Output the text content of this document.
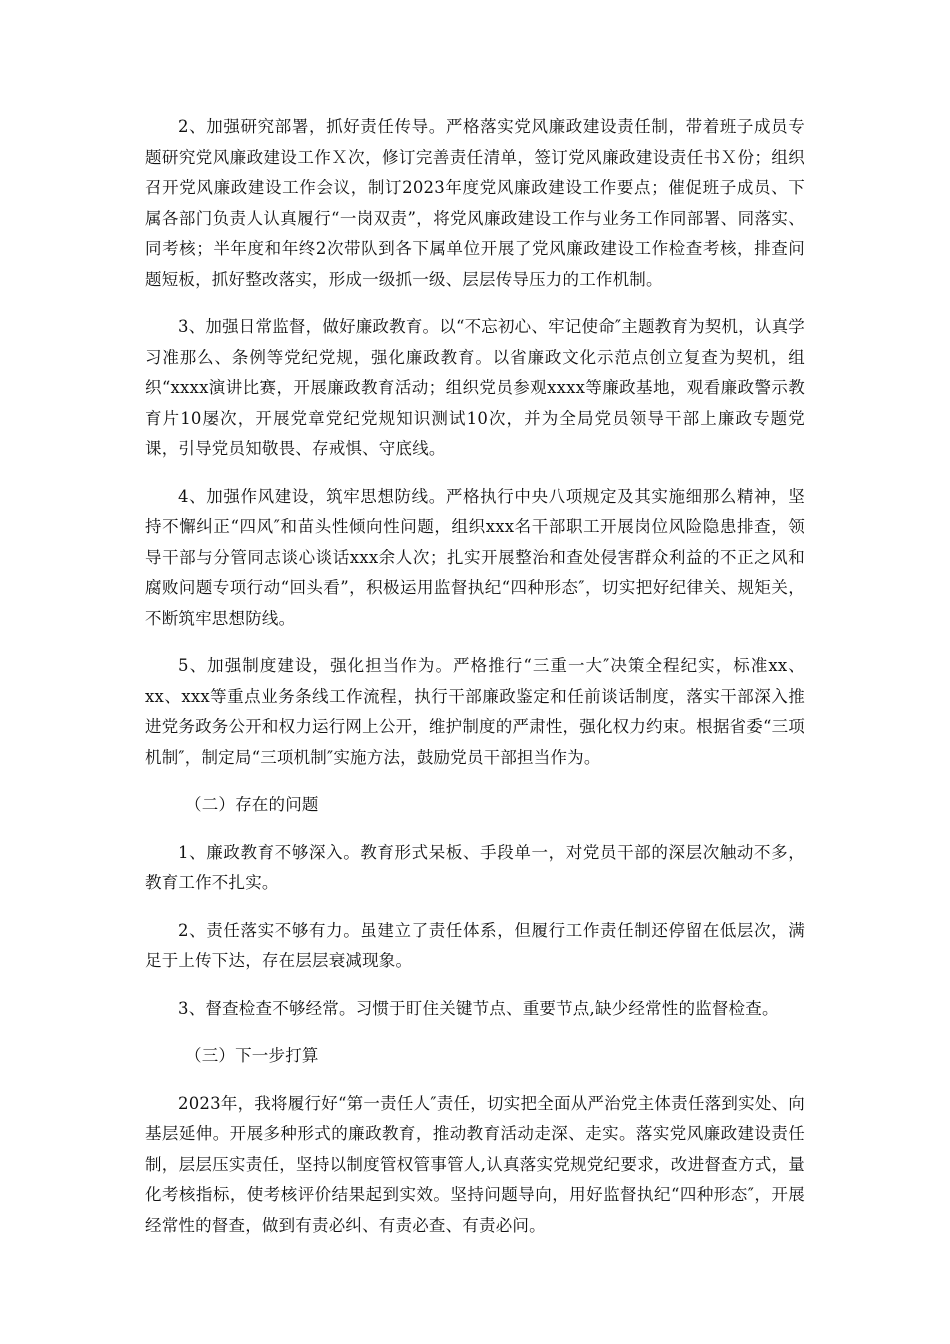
2、加强研究部署，抓好责任传导。严格落实党风廉政建设责任制，带着班子成员专题研究党风廉政建设工作Ｘ次，修订完善责任清单，签订党风廉政建设责任书Ｘ份；组织召开党风廉政建设工作会议，制订2023年度党风廉政建设工作要点；催促班子成员、下属各部门负责人认真履行“一岗双责”，将党风廉政建设工作与业务工作同部署、同落实、同考核；半年度和年终2次带队到各下属单位开展了党风廉政建设工作检查考核，排查问题短板，抓好整改落实，形成一级抓一级、层层传导压力的工作机制。

3、加强日常监督，做好廉政教育。以“不忘初心、牢记使命″主题教育为契机，认真学习准那么、条例等党纪党规，强化廉政教育。以省廉政文化示范点创立复查为契机，组织“xxxx演讲比赛，开展廉政教育活动；组织党员参观xxxx等廉政基地，观看廉政警示教育片10屡次，开展党章党纪党规知识测试10次，并为全局党员领导干部上廉政专题党课，引导党员知敬畏、存戒惧、守底线。

4、加强作风建设，筑牢思想防线。严格执行中央八项规定及其实施细那么精神，坚持不懈纠正“四风″和苗头性倾向性问题，组织xxx名干部职工开展岗位风险隐患排查，领导干部与分管同志谈心谈话xxx余人次；扎实开展整治和查处侵害群众利益的不正之风和腐败问题专项行动“回头看”，积极运用监督执纪“四种形态″，切实把好纪律关、规矩关，不断筑牢思想防线。

5、加强制度建设，强化担当作为。严格推行“三重一大″决策全程纪实，标准xx、xx、xxx等重点业务条线工作流程，执行干部廉政鉴定和任前谈话制度，落实干部深入推进党务政务公开和权力运行网上公开，维护制度的严肃性，强化权力约束。根据省委“三项机制″，制定局“三项机制″实施方法，鼓励党员干部担当作为。

（二）存在的问题

1、廉政教育不够深入。教育形式呆板、手段单一，对党员干部的深层次触动不多，教育工作不扎实。

2、责任落实不够有力。虽建立了责任体系，但履行工作责任制还停留在低层次，满足于上传下达，存在层层衰减现象。

3、督查检查不够经常。习惯于盯住关键节点、重要节点,缺少经常性的监督检查。

（三）下一步打算

2023年，我将履行好“第一责任人″责任，切实把全面从严治党主体责任落到实处、向基层延伸。开展多种形式的廉政教育，推动教育活动走深、走实。落实党风廉政建设责任制，层层压实责任，坚持以制度管权管事管人,认真落实党规党纪要求，改进督查方式，量化考核指标，使考核评价结果起到实效。坚持问题导向，用好监督执纪“四种形态″，开展经常性的督查，做到有责必纠、有责必查、有责必问。
